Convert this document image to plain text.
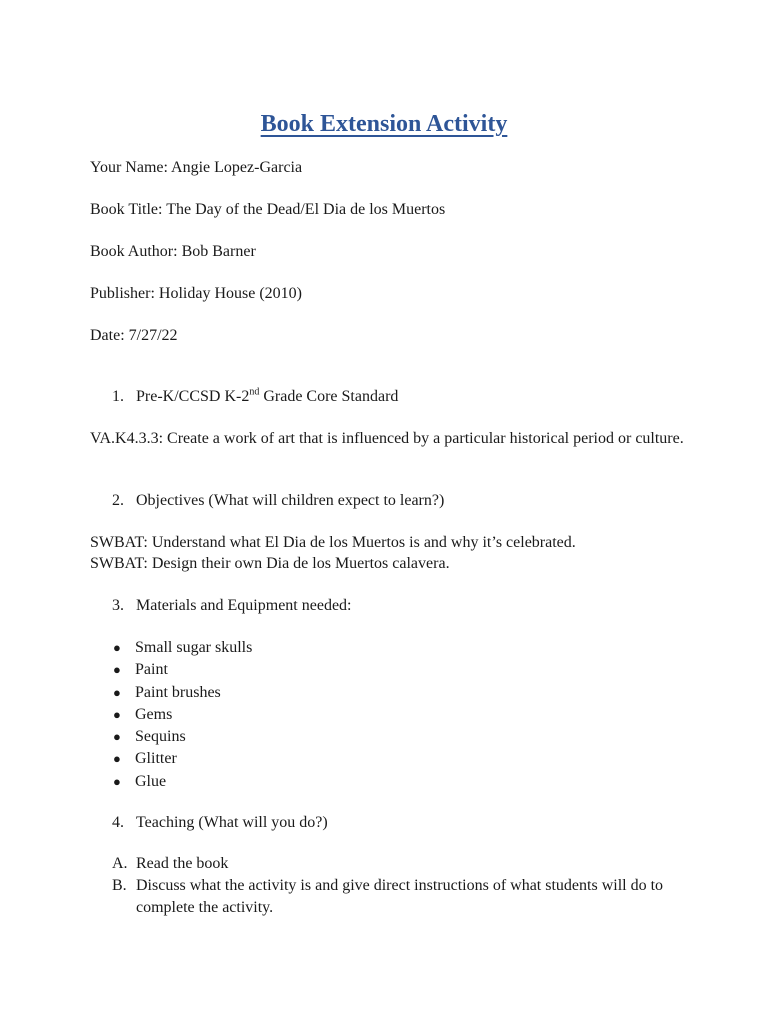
Book Extension Activity
Your Name: Angie Lopez-Garcia
Book Title: The Day of the Dead/El Dia de los Muertos
Book Author: Bob Barner
Publisher: Holiday House (2010)
Date: 7/27/22
1. Pre-K/CCSD K-2nd Grade Core Standard
VA.K4.3.3: Create a work of art that is influenced by a particular historical period or culture.
2. Objectives (What will children expect to learn?)
SWBAT: Understand what El Dia de los Muertos is and why it’s celebrated.
SWBAT: Design their own Dia de los Muertos calavera.
3. Materials and Equipment needed:
● Small sugar skulls
● Paint
● Paint brushes
● Gems
● Sequins
● Glitter
● Glue
4. Teaching (What will you do?)
A. Read the book
B. Discuss what the activity is and give direct instructions of what students will do to complete the activity.
